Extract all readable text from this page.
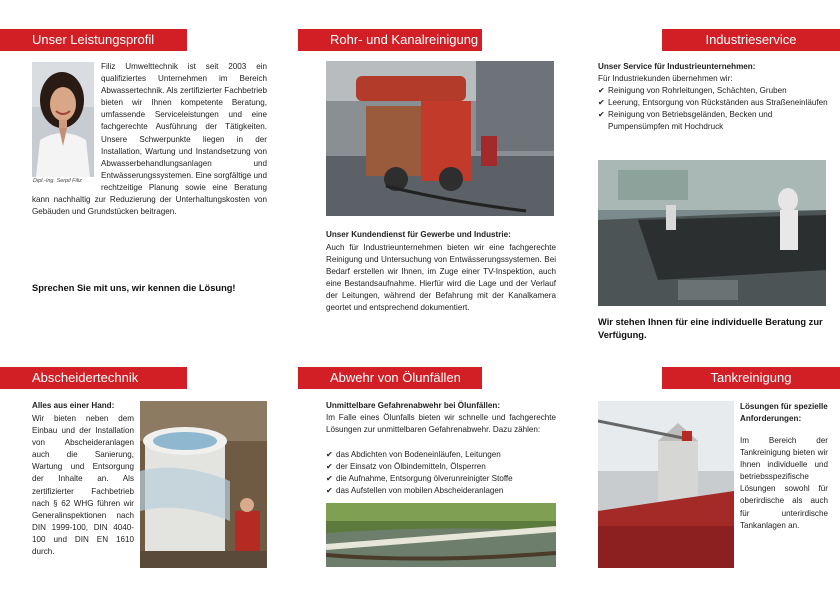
Unser Leistungsprofil
Dipl.-Ing. Serpil Filiz
Filiz Umwelttechnik ist seit 2003 ein qualifiziertes Unternehmen im Bereich Abwassertechnik. Als zertifizierter Fachbetrieb bieten wir Ihnen kompetente Beratung, umfassende Serviceleistungen und eine fachgerechte Ausführung der Tätigkeiten. Unsere Schwerpunkte liegen in der Installation, Wartung und Instandsetzung von Abwasserbehandlungsanlagen und Entwässerungssystemen. Eine sorgfältige und rechtzeitige Planung sowie eine Beratung kann nachhaltig zur Reduzierung der Unterhaltungskosten von Gebäuden und Grundstücken beitragen.
Sprechen Sie mit uns, wir kennen die Lösung!
Rohr- und Kanalreinigung
Unser Kundendienst für Gewerbe und Industrie:
Auch für Industrieunternehmen bieten wir eine fachgerechte Reinigung und Untersuchung von Entwässerungssystemen. Bei Bedarf erstellen wir Ihnen, im Zuge einer TV-Inspektion, auch eine Bestandsaufnahme. Hierfür wird die Lage und der Verlauf der Leitungen, während der Befahrung mit der Kanalkamera geortet und entsprechend dokumentiert.
Industrieservice
Unser Service für Industrieunternehmen:
Für Industriekunden übernehmen wir:
✔ Reinigung von Rohrleitungen, Schächten, Gruben
✔ Leerung, Entsorgung von Rückständen aus Straßeneinläufen
✔ Reinigung von Betriebsgeländen, Becken und Pumpensümpfen mit Hochdruck
Wir stehen Ihnen für eine individuelle Beratung zur Verfügung.
Abscheidertechnik
Alles aus einer Hand:
Wir bieten neben dem Einbau und der Installation von Abscheideranlagen auch die Sanierung, Wartung und Entsorgung der Inhalte an. Als zertifizierter Fachbetrieb nach § 62 WHG führen wir Generalinspektionen nach DIN 1999-100, DIN 4040-100 und DIN EN 1610 durch.
Abwehr von Ölunfällen
Unmittelbare Gefahrenabwehr bei Ölunfällen:
Im Falle eines Ölunfalls bieten wir schnelle und fachgerechte Lösungen zur unmittelbaren Gefahrenabwehr. Dazu zählen:
✔ das Abdichten von Bodeneinläufen, Leitungen
✔ der Einsatz von Ölbindemitteln, Ölsperren
✔ die Aufnahme, Entsorgung ölverunreinigter Stoffe
✔ das Aufstellen von mobilen Abscheideranlagen
Tankreinigung
Lösungen für spezielle Anforderungen:
Im Bereich der Tankreinigung bieten wir Ihnen individuelle und betriebsspezifische Lösungen sowohl für oberirdische als auch für unterirdische Tankanlagen an.
